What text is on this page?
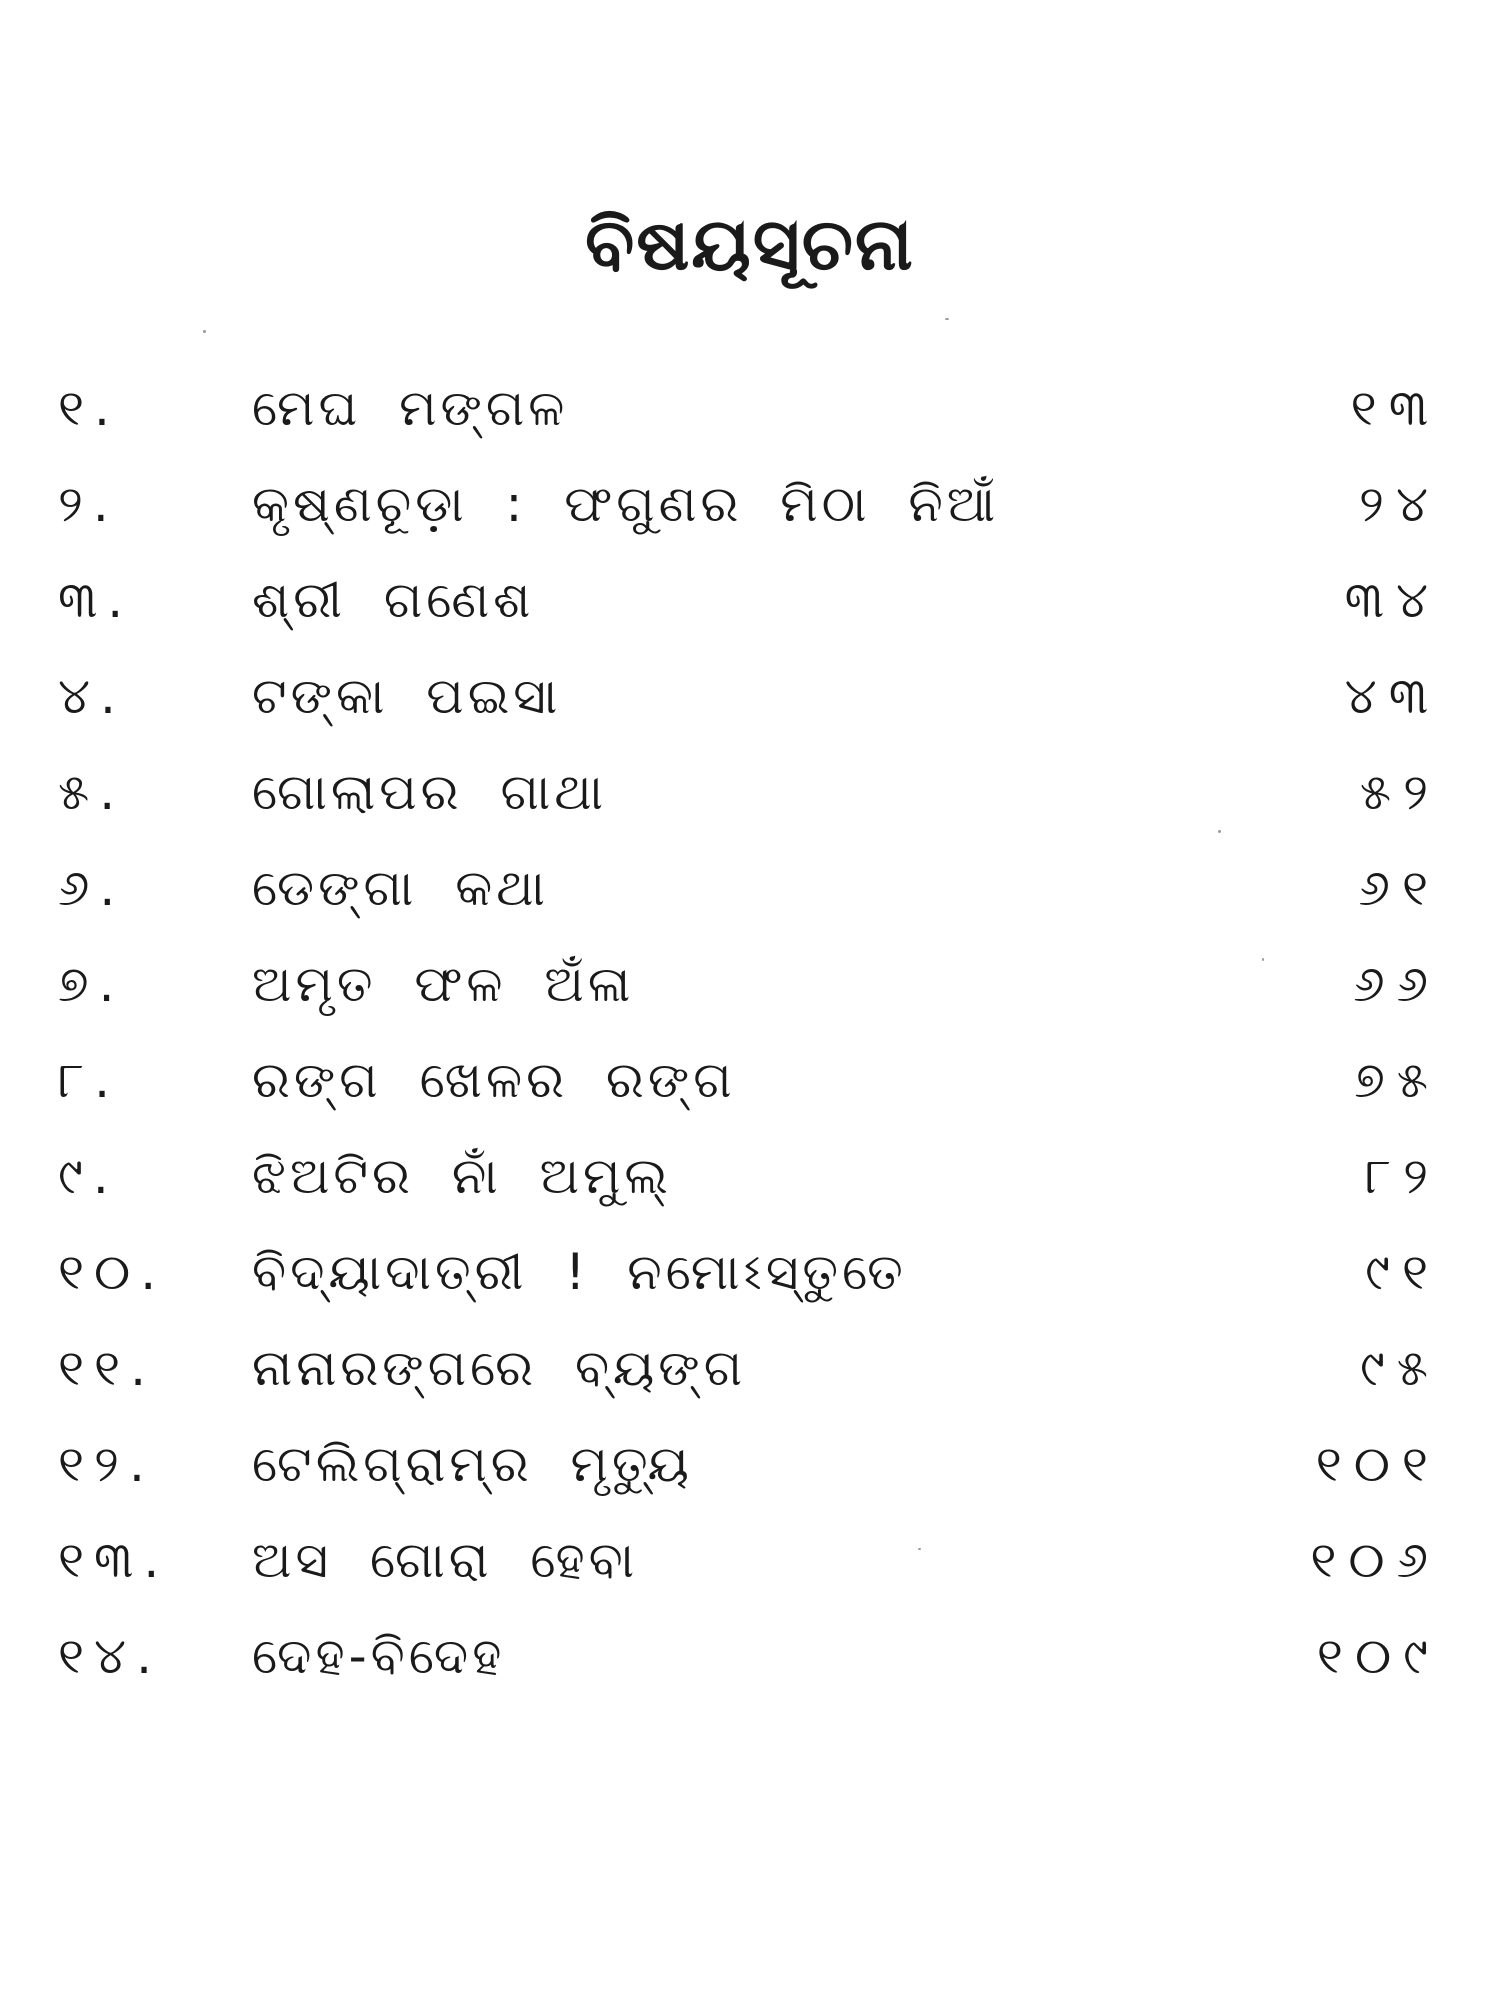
ବିଷୟସୂଚନା
୧.	ମେଘ ମଙ୍ଗଳ	୧୩
୨.	କୃଷ୍ଣଚୂଡ଼ା : ଫଗୁଣର ମିଠା ନିଆଁ	୨୪
୩. ଶ୍ରୀ ଗଣେଶ	୩୪
୪.	ଟଙ୍କା ପଇସା	୪୩
୫.	ଗୋଲାପର ଗାଥା	୫୨
୬.	ଡେଙ୍ଗା କଥା	୬୧
୭.	ଅମୃତ ଫଳ ଅଁଳା	୬୬
୮.	ରଙ୍ଗ ଖେଳର ରଙ୍ଗ	୭୫
୯.	ଝିଅଟିର ନାଁ ଅମୁଲ୍	୮୨
୧୦. ବିଦ୍ୟାଦାତ୍ରୀ ! ନମୋଽସ୍ତୁତେ	୯୧
୧୧. ନାନାରଙ୍ଗରେ ବ୍ୟଙ୍ଗ	୯୫
୧୨. ଟେଲିଗ୍ରାମ୍‌ର ମୃତ୍ୟୁ	୧୦୧
୧୩. ଅସ ଗୋରା ହେବା	୧୦୬
୧୪. ଦେହ-ବିଦେହ	୧୦୯
